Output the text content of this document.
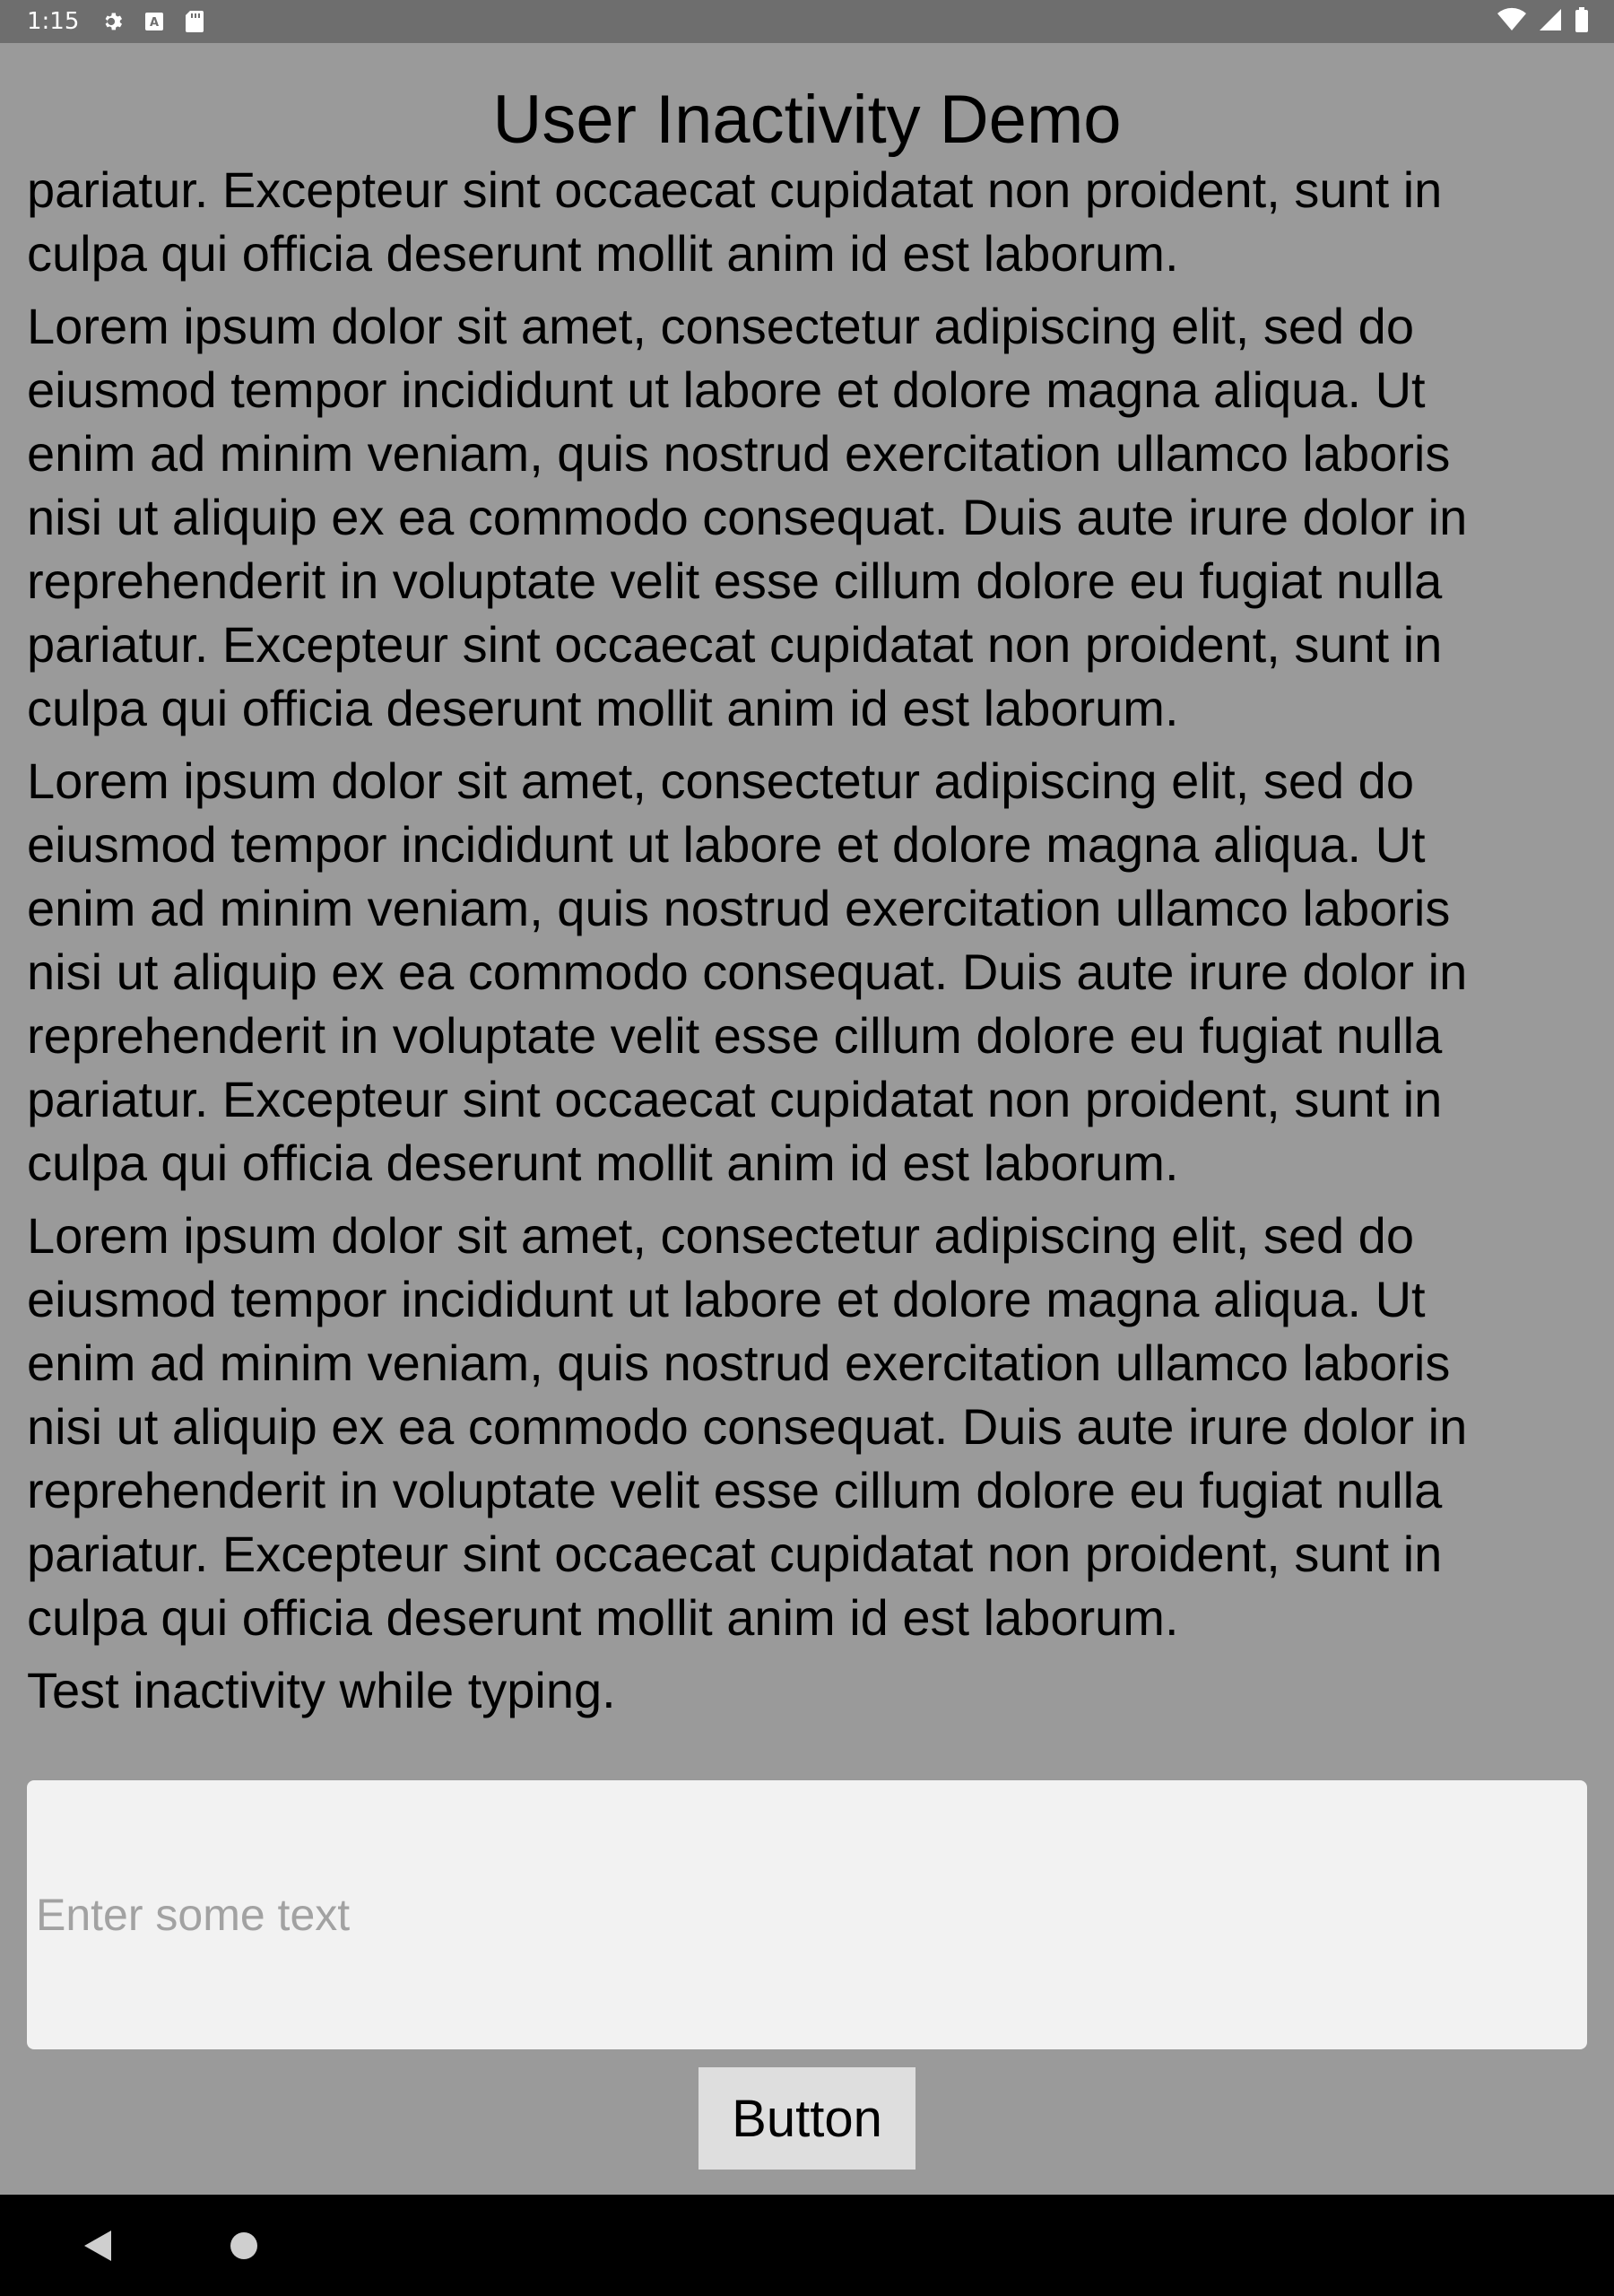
1:15	A
User Inactivity Demo

pariatur. Excepteur sint occaecat cupidatat non proident, sunt in
culpa qui officia deserunt mollit anim id est laborum.

Lorem ipsum dolor sit amet, consectetur adipiscing elit, sed do
eiusmod tempor incididunt ut labore et dolore magna aliqua. Ut
enim ad minim veniam, quis nostrud exercitation ullamco laboris
nisi ut aliquip ex ea commodo consequat. Duis aute irure dolor in
reprehenderit in voluptate velit esse cillum dolore eu fugiat nulla
pariatur. Excepteur sint occaecat cupidatat non proident, sunt in
culpa qui officia deserunt mollit anim id est laborum.

Lorem ipsum dolor sit amet, consectetur adipiscing elit, sed do
eiusmod tempor incididunt ut labore et dolore magna aliqua. Ut
enim ad minim veniam, quis nostrud exercitation ullamco laboris
nisi ut aliquip ex ea commodo consequat. Duis aute irure dolor in
reprehenderit in voluptate velit esse cillum dolore eu fugiat nulla
pariatur. Excepteur sint occaecat cupidatat non proident, sunt in
culpa qui officia deserunt mollit anim id est laborum.

Lorem ipsum dolor sit amet, consectetur adipiscing elit, sed do
eiusmod tempor incididunt ut labore et dolore magna aliqua. Ut
enim ad minim veniam, quis nostrud exercitation ullamco laboris
nisi ut aliquip ex ea commodo consequat. Duis aute irure dolor in
reprehenderit in voluptate velit esse cillum dolore eu fugiat nulla
pariatur. Excepteur sint occaecat cupidatat non proident, sunt in
culpa qui officia deserunt mollit anim id est laborum.

Test inactivity while typing.

Enter some text
Button
